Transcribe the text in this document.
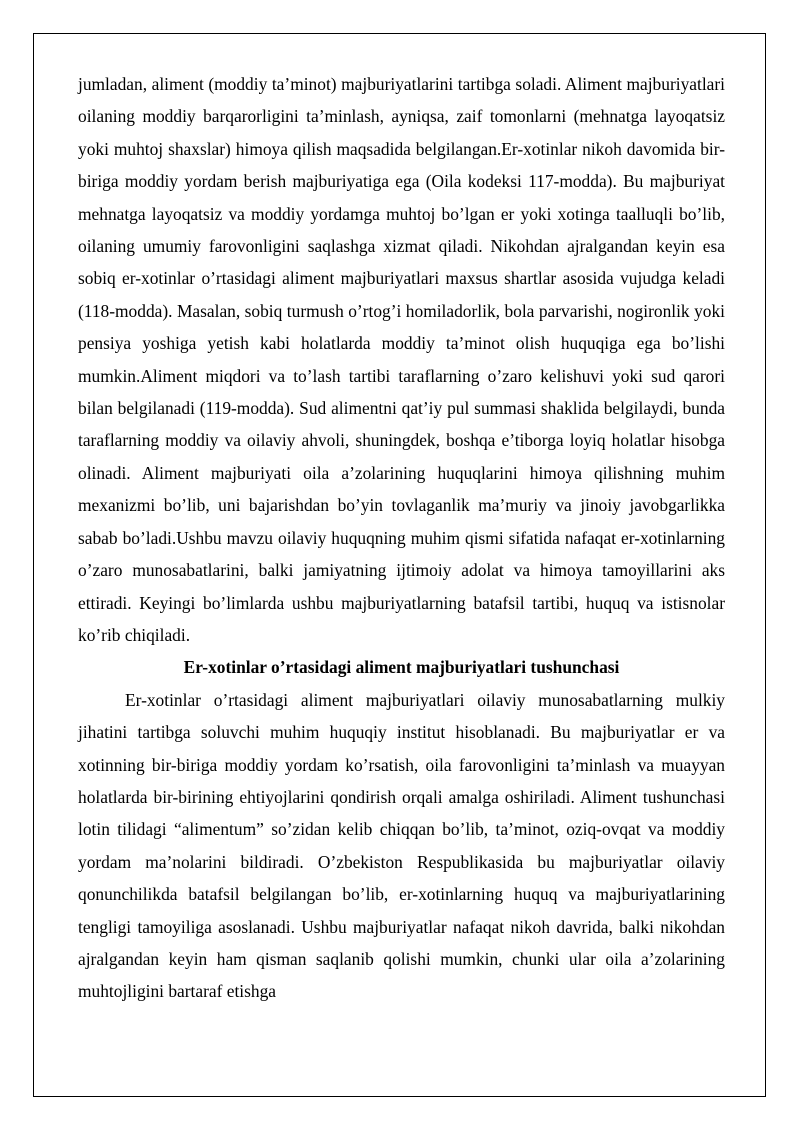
jumladan, aliment (moddiy ta’minot) majburiyatlarini tartibga soladi. Aliment majburiyatlari oilaning moddiy barqarorligini ta’minlash, ayniqsa, zaif tomonlarni (mehnatga layoqatsiz yoki muhtoj shaxslar) himoya qilish maqsadida belgilangan.Er-xotinlar nikoh davomida bir-biriga moddiy yordam berish majburiyatiga ega (Oila kodeksi 117-modda). Bu majburiyat mehnatga layoqatsiz va moddiy yordamga muhtoj bo’lgan er yoki xotinga taalluqli bo’lib, oilaning umumiy farovonligini saqlashga xizmat qiladi. Nikohdan ajralgandan keyin esa sobiq er-xotinlar o’rtasidagi aliment majburiyatlari maxsus shartlar asosida vujudga keladi (118-modda). Masalan, sobiq turmush o’rtog’i homiladorlik, bola parvarishi, nogironlik yoki pensiya yoshiga yetish kabi holatlarda moddiy ta’minot olish huquqiga ega bo’lishi mumkin.Aliment miqdori va to’lash tartibi taraflarning o’zaro kelishuvi yoki sud qarori bilan belgilanadi (119-modda). Sud alimentni qat’iy pul summasi shaklida belgilaydi, bunda taraflarning moddiy va oilaviy ahvoli, shuningdek, boshqa e’tiborga loyiq holatlar hisobga olinadi. Aliment majburiyati oila a’zolarining huquqlarini himoya qilishning muhim mexanizmi bo’lib, uni bajarishdan bo’yin tovlaganlik ma’muriy va jinoiy javobgarlikka sabab bo’ladi.Ushbu mavzu oilaviy huquqning muhim qismi sifatida nafaqat er-xotinlarning o’zaro munosabatlarini, balki jamiyatning ijtimoiy adolat va himoya tamoyillarini aks ettiradi. Keyingi bo’limlarda ushbu majburiyatlarning batafsil tartibi, huquq va istisnolar ko’rib chiqiladi.

Er-xotinlar o’rtasidagi aliment majburiyatlari tushunchasi

Er-xotinlar o’rtasidagi aliment majburiyatlari oilaviy munosabatlarning mulkiy jihatini tartibga soluvchi muhim huquqiy institut hisoblanadi. Bu majburiyatlar er va xotinning bir-biriga moddiy yordam ko’rsatish, oila farovonligini ta’minlash va muayyan holatlarda bir-birining ehtiyojlarini qondirish orqali amalga oshiriladi. Aliment tushunchasi lotin tilidagi “alimentum” so’zidan kelib chiqqan bo’lib, ta’minot, oziq-ovqat va moddiy yordam ma’nolarini bildiradi. O’zbekiston Respublikasida bu majburiyatlar oilaviy qonunchilikda batafsil belgilangan bo’lib, er-xotinlarning huquq va majburiyatlarining tengligi tamoyiliga asoslanadi. Ushbu majburiyatlar nafaqat nikoh davrida, balki nikohdan ajralgandan keyin ham qisman saqlanib qolishi mumkin, chunki ular oila a’zolarining muhtojligini bartaraf etishga
